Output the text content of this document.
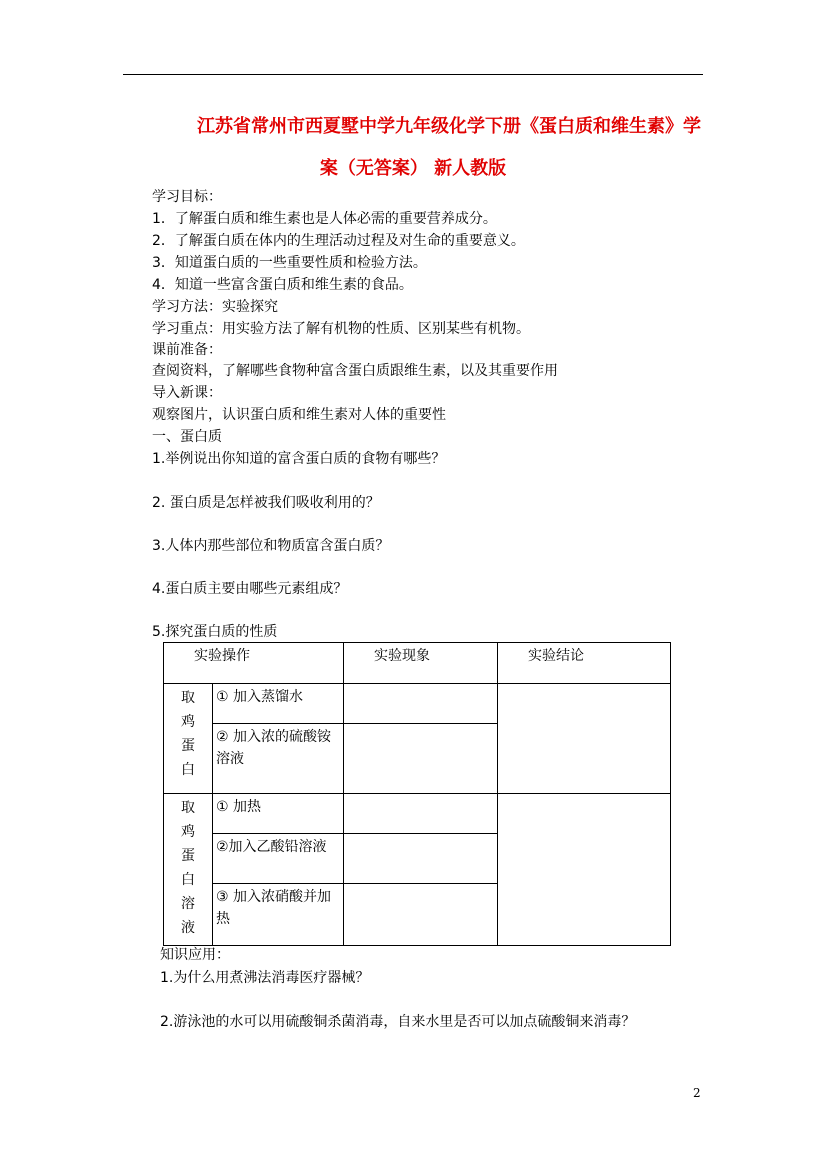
江苏省常州市西夏墅中学九年级化学下册《蛋白质和维生素》学
案（无答案） 新人教版
学习目标：
1．了解蛋白质和维生素也是人体必需的重要营养成分。
2．了解蛋白质在体内的生理活动过程及对生命的重要意义。
3．知道蛋白质的一些重要性质和检验方法。
4．知道一些富含蛋白质和维生素的食品。
学习方法：实验探究
学习重点：用实验方法了解有机物的性质、区别某些有机物。
课前准备：
查阅资料，了解哪些食物种富含蛋白质跟维生素，以及其重要作用
导入新课：
观察图片，认识蛋白质和维生素对人体的重要性
一、蛋白质
1.举例说出你知道的富含蛋白质的食物有哪些？
2. 蛋白质是怎样被我们吸收利用的？
3.人体内那些部位和物质富含蛋白质？
4.蛋白质主要由哪些元素组成？
5.探究蛋白质的性质
实验操作		实验现象	实验结论
取鸡蛋白	① 加入蒸馏水		
	② 加入浓的硫酸铵溶液		
取鸡蛋白溶液	① 加热		
	②加入乙酸铅溶液		
	③ 加入浓硝酸并加热		
知识应用：
1.为什么用煮沸法消毒医疗器械？
2.游泳池的水可以用硫酸铜杀菌消毒，自来水里是否可以加点硫酸铜来消毒？
2
